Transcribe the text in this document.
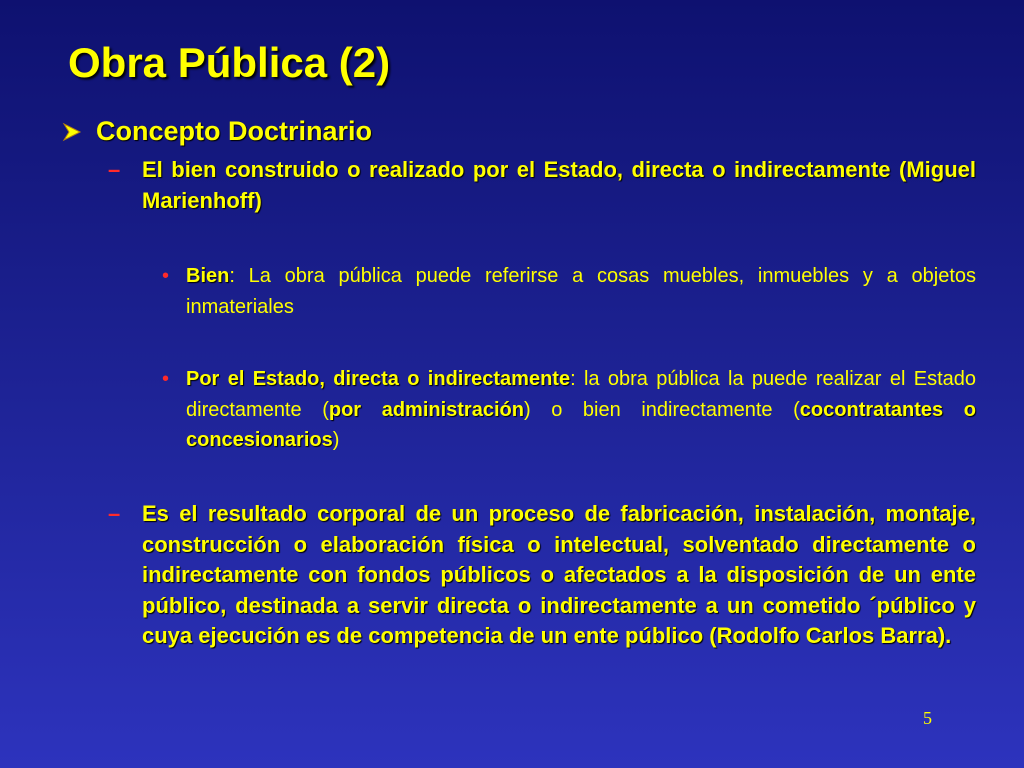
Obra Pública (2)
Concepto Doctrinario
– El bien construido o realizado por el Estado, directa o indirectamente (Miguel Marienhoff)
• Bien: La obra pública puede referirse a cosas muebles, inmuebles y a objetos inmateriales
• Por el Estado, directa o indirectamente: la obra pública la puede realizar el Estado directamente (por administración) o bien indirectamente (cocontratantes o concesionarios)
– Es el resultado corporal de un proceso de fabricación, instalación, montaje, construcción o elaboración física o intelectual, solventado directamente o indirectamente con fondos públicos o afectados a la disposición de un ente público, destinada a servir directa o indirectamente a un cometido ´público y cuya ejecución es de competencia de un ente público (Rodolfo Carlos Barra).
5
